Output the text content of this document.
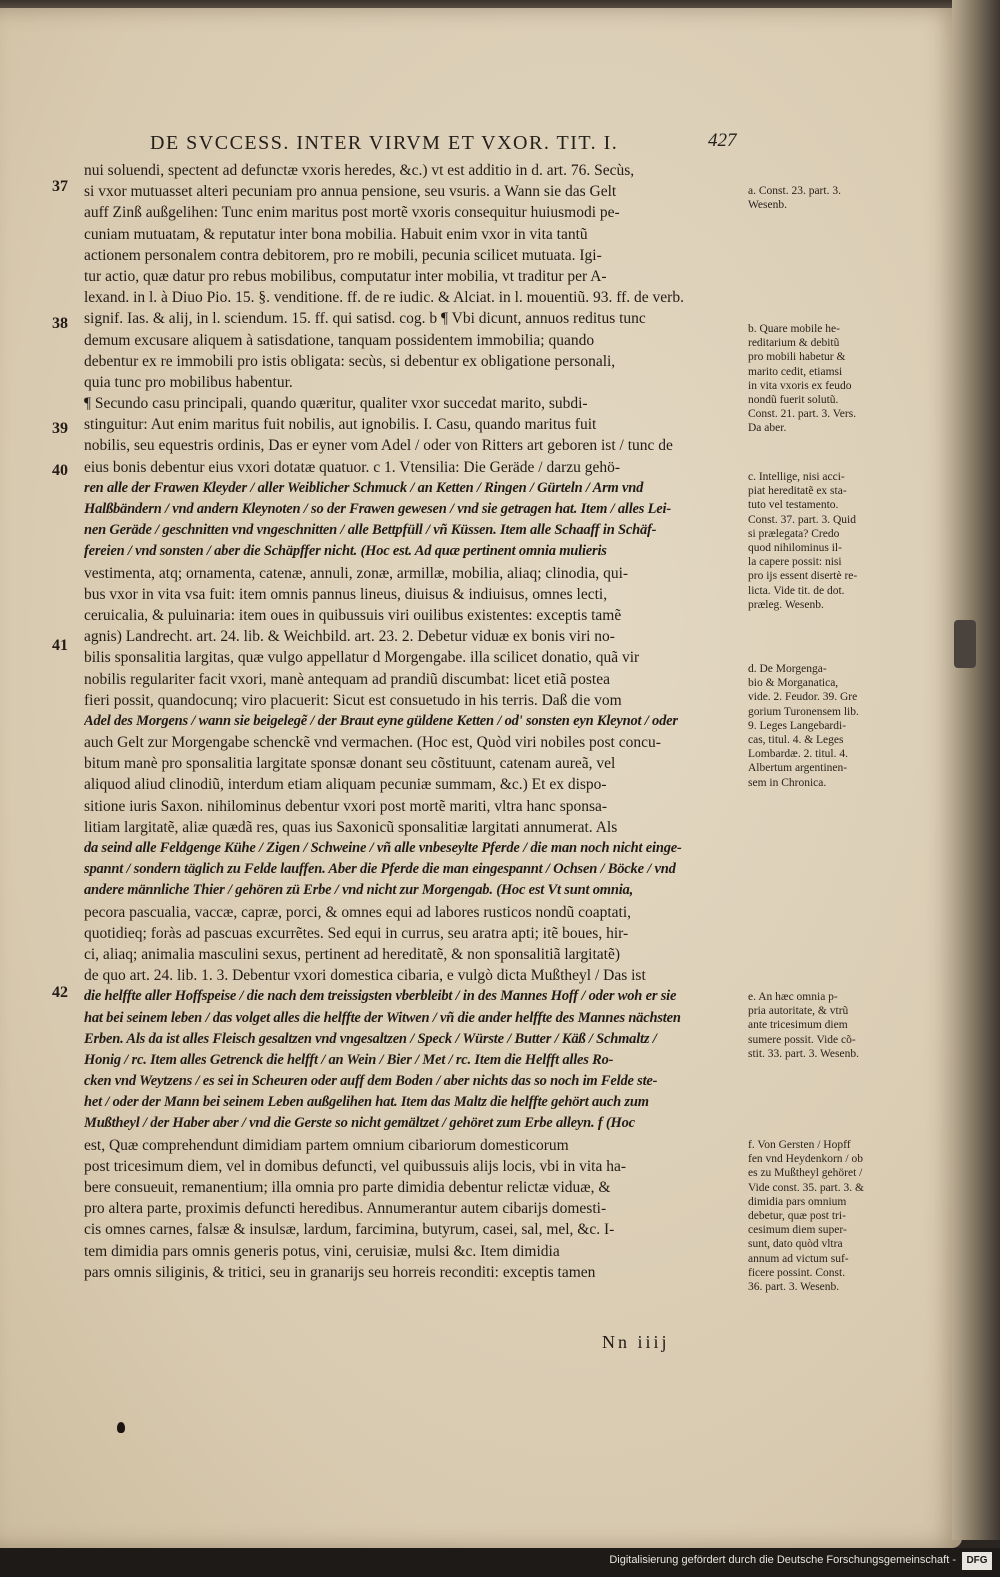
DE SVCCESS. INTER VIRVM ET VXOR. TIT. I.	427
37
38
39
40
41
42
nui soluendi, spectent ad defunctæ vxoris heredes, &c.) vt est additio in d. art. 76. Secùs,
si vxor mutuasset alteri pecuniam pro annua pensione, seu vsuris. a Wann sie das Gelt
auff Zinß außgelihen: Tunc enim maritus post mortẽ vxoris consequitur huiusmodi pe-
cuniam mutuatam, & reputatur inter bona mobilia. Habuit enim vxor in vita tantũ
actionem personalem contra debitorem, pro re mobili, pecunia scilicet mutuata. Igi-
tur actio, quæ datur pro rebus mobilibus, computatur inter mobilia, vt traditur per A-
lexand. in l. à Diuo Pio. 15. §. venditione. ff. de re iudic. & Alciat. in l. mouentiũ. 93. ff. de verb.
signif. Ias. & alij, in l. sciendum. 15. ff. qui satisd. cog. b ¶ Vbi dicunt, annuos reditus tunc
demum excusare aliquem à satisdatione, tanquam possidentem immobilia; quando
debentur ex re immobili pro istis obligata: secùs, si debentur ex obligatione personali,
quia tunc pro mobilibus habentur.
¶ Secundo casu principali, quando quæritur, qualiter vxor succedat marito, subdi-
stinguitur: Aut enim maritus fuit nobilis, aut ignobilis. I. Casu, quando maritus fuit
nobilis, seu equestris ordinis, Das er eyner vom Adel / oder von Ritters art geboren ist / tunc de
eius bonis debentur eius vxori dotatæ quatuor. c 1. Vtensilia: Die Geräde / darzu gehö-
ren alle der Frawen Kleyder / aller Weiblicher Schmuck / an Ketten / Ringen / Gürteln / Arm vnd
Halßbändern / vnd andern Kleynoten / so der Frawen gewesen / vnd sie getragen hat. Item / alles Lei-
nen Geräde / geschnitten vnd vngeschnitten / alle Bettpfüll / vñ Küssen. Item alle Schaaff in Schäf-
fereien / vnd sonsten / aber die Schäpffer nicht. (Hoc est. Ad quæ pertinent omnia mulieris
vestimenta, atq; ornamenta, catenæ, annuli, zonæ, armillæ, mobilia, aliaq; clinodia, qui-
bus vxor in vita vsa fuit: item omnis pannus lineus, diuisus & indiuisus, omnes lecti,
ceruicalia, & puluinaria: item oues in quibussuis viri ouilibus existentes: exceptis tamẽ
agnis) Landrecht. art. 24. lib. & Weichbild. art. 23. 2. Debetur viduæ ex bonis viri no-
bilis sponsalitia largitas, quæ vulgo appellatur d Morgengabe. illa scilicet donatio, quã vir
nobilis regulariter facit vxori, manè antequam ad prandiũ discumbat: licet etiã postea
fieri possit, quandocunq; viro placuerit: Sicut est consuetudo in his terris. Daß die vom
Adel des Morgens / wann sie beigelegẽ / der Braut eyne güldene Ketten / od' sonsten eyn Kleynot / oder
auch Gelt zur Morgengabe schenckẽ vnd vermachen. (Hoc est, Quòd viri nobiles post concu-
bitum manè pro sponsalitia largitate sponsæ donant seu cõstituunt, catenam aureã, vel
aliquod aliud clinodiũ, interdum etiam aliquam pecuniæ summam, &c.) Et ex dispo-
sitione iuris Saxon. nihilominus debentur vxori post mortẽ mariti, vltra hanc sponsa-
litiam largitatẽ, aliæ quædã res, quas ius Saxonicũ sponsalitiæ largitati annumerat. Als
da seind alle Feldgenge Kühe / Zigen / Schweine / vñ alle vnbeseylte Pferde / die man noch nicht einge-
spannt / sondern täglich zu Felde lauffen. Aber die Pferde die man eingespannt / Ochsen / Böcke / vnd
andere männliche Thier / gehören zü Erbe / vnd nicht zur Morgengab. (Hoc est Vt sunt omnia,
pecora pascualia, vaccæ, capræ, porci, & omnes equi ad labores rusticos nondũ coaptati,
quotidieq; foràs ad pascuas excurrẽtes. Sed equi in currus, seu aratra apti; itẽ boues, hir-
ci, aliaq; animalia masculini sexus, pertinent ad hereditatẽ, & non sponsalitiã largitatẽ)
de quo art. 24. lib. 1. 3. Debentur vxori domestica cibaria, e vulgò dicta Mußtheyl / Das ist
die helffte aller Hoffspeise / die nach dem treissigsten vberbleibt / in des Mannes Hoff / oder woh er sie
hat bei seinem leben / das volget alles die helffte der Witwen / vñ die ander helffte des Mannes nächsten
Erben. Als da ist alles Fleisch gesaltzen vnd vngesaltzen / Speck / Würste / Butter / Käß / Schmaltz /
Honig / rc. Item alles Getrenck die helfft / an Wein / Bier / Met / rc. Item die Helfft alles Ro-
cken vnd Weytzens / es sei in Scheuren oder auff dem Boden / aber nichts das so noch im Felde ste-
het / oder der Mann bei seinem Leben außgelihen hat. Item das Maltz die helffte gehört auch zum
Mußtheyl / der Haber aber / vnd die Gerste so nicht gemältzet / gehöret zum Erbe alleyn. f (Hoc
est, Quæ comprehendunt dimidiam partem omnium cibariorum domesticorum
post tricesimum diem, vel in domibus defuncti, vel quibussuis alijs locis, vbi in vita ha-
bere consueuit, remanentium; illa omnia pro parte dimidia debentur relictæ viduæ, &
pro altera parte, proximis defuncti heredibus. Annumerantur autem cibarijs domesti-
cis omnes carnes, falsæ & insulsæ, lardum, farcimina, butyrum, casei, sal, mel, &c. I-
tem dimidia pars omnis generis potus, vini, ceruisiæ, mulsi &c. Item dimidia
pars omnis siliginis, & tritici, seu in granarijs seu horreis reconditi: exceptis tamen
a. Const. 23. part. 3.
Wesenb.
b. Quare mobile he-
reditarium & debitũ
pro mobili habetur &
marito cedit, etiamsi
in vita vxoris ex feudo
nondũ fuerit solutũ.
Const. 21. part. 3. Vers.
Da aber.
c. Intellige, nisi acci-
piat hereditatẽ ex sta-
tuto vel testamento.
Const. 37. part. 3. Quid
si prælegata? Credo
quod nihilominus il-
la capere possit: nisi
pro ijs essent disertè re-
licta. Vide tit. de dot.
præleg. Wesenb.
d. De Morgenga-
bio & Morganatica,
vide. 2. Feudor. 39. Gre
gorium Turonensem lib.
9. Leges Langebardi-
cas, titul. 4. & Leges
Lombardæ. 2. titul. 4.
Albertum argentinen-
sem in Chronica.
e. An hæc omnia p-
pria autoritate, & vtrũ
ante tricesimum diem
sumere possit. Vide cõ-
stit. 33. part. 3. Wesenb.
f. Von Gersten / Hopff
fen vnd Heydenkorn / ob
es zu Mußtheyl gehöret /
Vide const. 35. part. 3. &
dimidia pars omnium
debetur, quæ post tri-
cesimum diem super-
sunt, dato quòd vltra
annum ad victum suf-
ficere possint. Const.
36. part. 3. Wesenb.
Nn iiij
Digitalisierung gefördert durch die Deutsche Forschungsgemeinschaft -	DFG
